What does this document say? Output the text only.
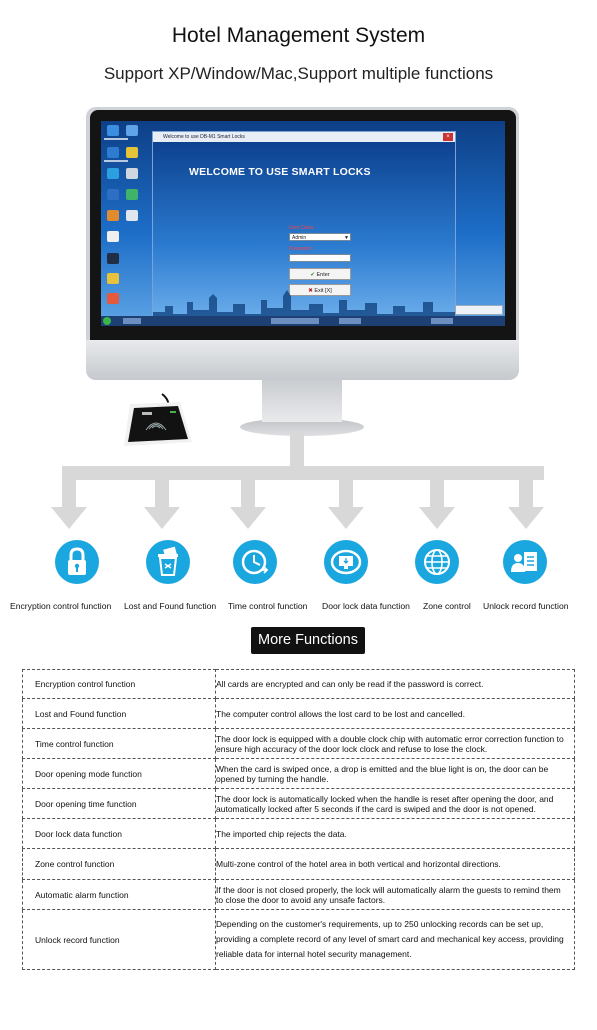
Hotel Management System
Support XP/Window/Mac,Support multiple functions
Welcome to use DB-M1 Smart Locks	×
WELCOME TO USE SMART LOCKS
User Class
Admin	▼
Password
✔ Enter
✖ Exit [X]
Encryption control function Lost and Found function Time control function Door lock data function Zone control Unlock record function
More Functions
Encryption control function	All cards are encrypted and can only be read if the password is correct.
Lost and Found function	The computer control allows the lost card to be lost and cancelled.
Time control function	The door lock is equipped with a double clock chip with automatic error correction function to ensure high accuracy of the door lock clock and refuse to lose the clock.
Door opening mode function	When the card is swiped once, a drop is emitted and the blue light is on, the door can be opened by turning the handle.
Door opening time function	The door lock is automatically locked when the handle is reset after opening the door, and automatically locked after 5 seconds if the card is swiped and the door is not opened.
Door lock data function	The imported chip rejects the data.
Zone control function	Multi-zone control of the hotel area in both vertical and horizontal directions.
Automatic alarm function	If the door is not closed properly, the lock will automatically alarm the guests to remind them to close the door to avoid any unsafe factors.
Unlock record function	Depending on the customer's requirements, up to 250 unlocking records can be set up, providing a complete record of any level of smart card and mechanical key access, providing reliable data for internal hotel security management.
